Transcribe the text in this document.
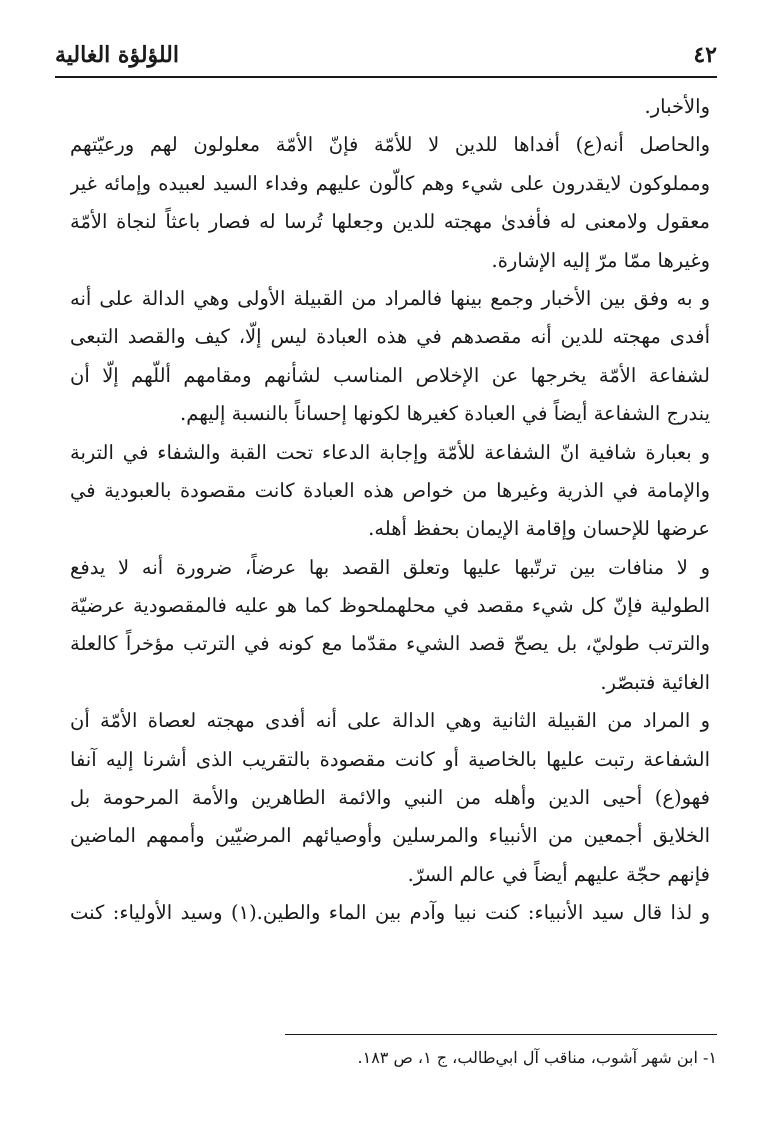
٤٢
اللؤلؤة الغالية
والأخبار.
والحاصل أنه(ع) أفداها للدين لا للأمّة فإنّ الأمّة معلولون لهم ورعيّتهم
ومملوكون لايقدرون على شيء وهم كالّون عليهم وفداء السيد لعبيده وإمائه غير
معقول ولامعنى له فأفدىٰ مهجته للدين وجعلها تُرسا له فصار باعثاً لنجاة الأمّة
وغيرها ممّا مرّ إليه الإشارة.
و به وفق بين الأخبار وجمع بينها فالمراد من القبيلة الأولى وهي الدالة على أنه
أفدى مهجته للدين أنه مقصدهم في هذه العبادة ليس إلّا، كيف والقصد التبعى
لشفاعة الأمّة يخرجها عن الإخلاص المناسب لشأنهم ومقامهم أللّهم إلّا أن
يندرج الشفاعة أيضاً في العبادة كغيرها لكونها إحساناً بالنسبة إليهم.
و بعبارة شافية انّ الشفاعة للأمّة وإجابة الدعاء تحت القبة والشفاء في التربة
والإمامة في الذرية وغيرها من خواص هذه العبادة كانت مقصودة بالعبودية في
عرضها للإحسان وإقامة الإيمان بحفظ أهله.
و لا منافات بين ترتّبها عليها وتعلق القصد بها عرضاً، ضرورة أنه لا يدفع
الطولية فإنّ كل شيء مقصد في محلهملحوظ كما هو عليه فالمقصودية عرضيّة
والترتب طوليّ، بل يصحّ قصد الشيء مقدّما مع كونه في الترتب مؤخراً كالعلة
الغائية فتبصّر.
و المراد من القبيلة الثانية وهي الدالة على أنه أفدى مهجته لعصاة الأمّة أن
الشفاعة رتبت عليها بالخاصية أو كانت مقصودة بالتقريب الذى أشرنا إليه آنفا
فهو(ع) أحيى الدين وأهله من النبي والائمة الطاهرين والأمة المرحومة بل
الخلايق أجمعين من الأنبياء والمرسلين وأوصيائهم المرضيّين وأممهم الماضين
فإنهم حجّة عليهم أيضاً في عالم السرّ.
و لذا قال سيد الأنبياء: كنت نبيا وآدم بين الماء والطين.(١) وسيد الأولياء: كنت
١- ابن شهر آشوب، مناقب آل ابي‌طالب، ج ١، ص ١٨٣.
